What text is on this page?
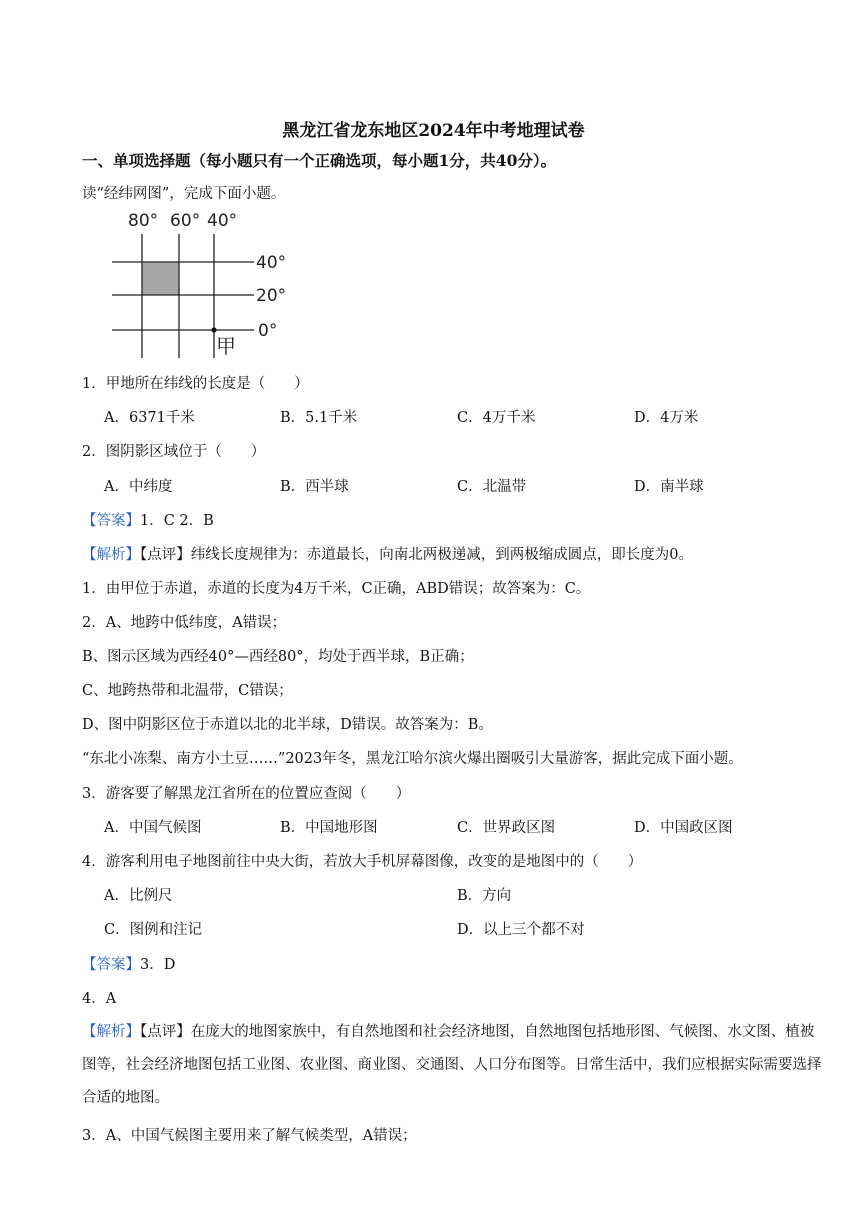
黑龙江省龙东地区2024年中考地理试卷
一、单项选择题（每小题只有一个正确选项，每小题1分，共40分）。
读“经纬网图”，完成下面小题。
80° 60° 40°
40°
20°
0°
甲
1．甲地所在纬线的长度是（　　）
A．6371千米	B．5.1千米	C．4万千米	D．4万米
2．图阴影区域位于（　　）
A．中纬度	B．西半球	C．北温带	D．南半球
【答案】1．C 2．B
【解析】【点评】纬线长度规律为：赤道最长，向南北两极递减，到两极缩成圆点，即长度为0。
1．由甲位于赤道，赤道的长度为4万千米，C正确，ABD错误；故答案为：C。
2．A、地跨中低纬度，A错误；
B、图示区域为西经40°—西经80°，均处于西半球，B正确；
C、地跨热带和北温带，C错误；
D、图中阴影区位于赤道以北的北半球，D错误。故答案为：B。
“东北小冻梨、南方小土豆……”2023年冬，黑龙江哈尔滨火爆出圈吸引大量游客，据此完成下面小题。
3．游客要了解黑龙江省所在的位置应查阅（　　）
A．中国气候图	B．中国地形图	C．世界政区图	D．中国政区图
4．游客利用电子地图前往中央大街，若放大手机屏幕图像，改变的是地图中的（　　）
A．比例尺	B．方向
C．图例和注记	D．以上三个都不对
【答案】3．D
4．A
【解析】【点评】在庞大的地图家族中，有自然地图和社会经济地图，自然地图包括地形图、气候图、水文图、植被图等，社会经济地图包括工业图、农业图、商业图、交通图、人口分布图等。日常生活中，我们应根据实际需要选择合适的地图。
3．A、中国气候图主要用来了解气候类型，A错误；
